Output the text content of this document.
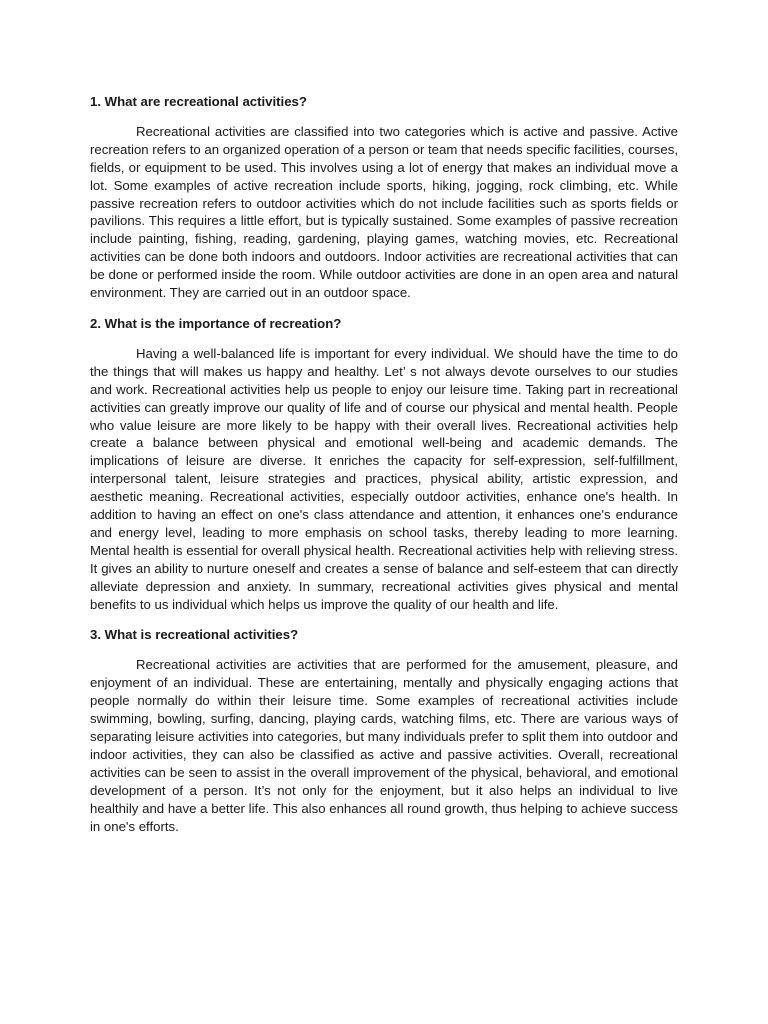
1. What are recreational activities?
Recreational activities are classified into two categories which is active and passive. Active recreation refers to an organized operation of a person or team that needs specific facilities, courses, fields, or equipment to be used. This involves using a lot of energy that makes an individual move a lot. Some examples of active recreation include sports, hiking, jogging, rock climbing, etc. While passive recreation refers to outdoor activities which do not include facilities such as sports fields or pavilions. This requires a little effort, but is typically sustained. Some examples of passive recreation include painting, fishing, reading, gardening, playing games, watching movies, etc. Recreational activities can be done both indoors and outdoors. Indoor activities are recreational activities that can be done or performed inside the room. While outdoor activities are done in an open area and natural environment. They are carried out in an outdoor space.
2. What is the importance of recreation?
Having a well-balanced life is important for every individual. We should have the time to do the things that will makes us happy and healthy. Let’ s not always devote ourselves to our studies and work. Recreational activities help us people to enjoy our leisure time. Taking part in recreational activities can greatly improve our quality of life and of course our physical and mental health. People who value leisure are more likely to be happy with their overall lives. Recreational activities help create a balance between physical and emotional well-being and academic demands. The implications of leisure are diverse. It enriches the capacity for self-expression, self-fulfillment, interpersonal talent, leisure strategies and practices, physical ability, artistic expression, and aesthetic meaning. Recreational activities, especially outdoor activities, enhance one's health. In addition to having an effect on one's class attendance and attention, it enhances one's endurance and energy level, leading to more emphasis on school tasks, thereby leading to more learning. Mental health is essential for overall physical health. Recreational activities help with relieving stress. It gives an ability to nurture oneself and creates a sense of balance and self-esteem that can directly alleviate depression and anxiety. In summary, recreational activities gives physical and mental benefits to us individual which helps us improve the quality of our health and life.
3. What is recreational activities?
Recreational activities are activities that are performed for the amusement, pleasure, and enjoyment of an individual. These are entertaining, mentally and physically engaging actions that people normally do within their leisure time. Some examples of recreational activities include swimming, bowling, surfing, dancing, playing cards, watching films, etc. There are various ways of separating leisure activities into categories, but many individuals prefer to split them into outdoor and indoor activities, they can also be classified as active and passive activities. Overall, recreational activities can be seen to assist in the overall improvement of the physical, behavioral, and emotional development of a person. It’s not only for the enjoyment, but it also helps an individual to live healthily and have a better life. This also enhances all round growth, thus helping to achieve success in one's efforts.
